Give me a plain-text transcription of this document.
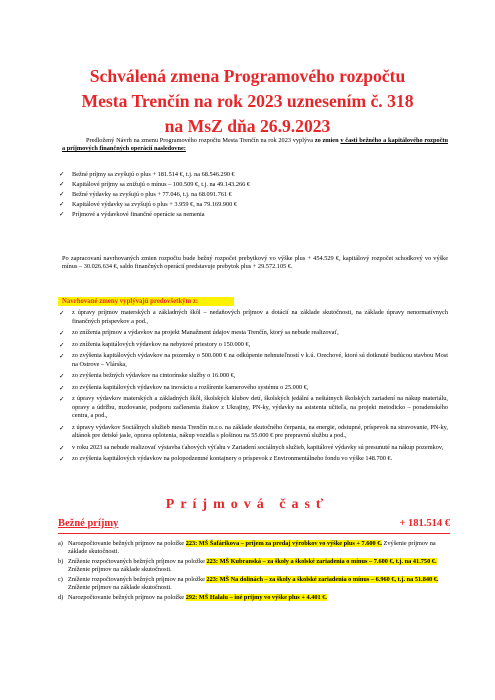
Schválená zmena Programového rozpočtu
Mesta Trenčín na rok 2023 uznesením č. 318
na MsZ dňa 26.9.2023
Predložený Návrh na zmenu Programového rozpočtu Mesta Trenčín na rok 2023 vyplýva zo zmien v časti bežného a kapitálového rozpočtu a príjmových finančných operácií nasledovne:
✓ Bežné príjmy sa zvyšujú o plus + 181.514 €, t.j. na 68.546.290 €
✓ Kapitálové príjmy sa znižujú o mínus – 100.509 €, t.j. na 49.143.266 €
✓ Bežné výdavky sa zvyšujú o plus + 77.046, t.j. na 68.091.761 €
✓ Kapitálové výdavky sa zvyšujú o plus + 3.959 €, na 79.169.900 €
✓ Príjmové a výdavkové finančné operácie sa nemenia
Po zapracovaní navrhovaných zmien rozpočtu bude bežný rozpočet prebytkový vo výške plus + 454.529 €, kapitálový rozpočet schodkový vo výške mínus – 30.026.634 €, saldo finančných operácií predstavuje prebytok plus + 29.572.105 €.
Navrhované zmeny vyplývajú predovšetkým z:
✓ z úpravy príjmov materských a základných škôl – nedaňových príjmov a dotácií na základe skutočnosti, na základe úpravy nenormatívnych finančných príspevkov a pod.,
✓ zo zníženia príjmov a výdavkov na projekt Manažment údajov mesta Trenčín, ktorý sa nebude realizovať,
✓ zo zníženia kapitálových výdavkov na nebytové priestory o 150.000 €,
✓ zo zvýšenia kapitálových výdavkov na pozemky o 500.000 € na odkúpenie nehnuteľností v k.ú. Orechové, ktoré sú dotknuté budúcou stavbou Most na Ostrove – Vlárska,
✓ zo zvýšenia bežných výdavkov na cintorínske služby o 16.000 €,
✓ zo zvýšenia kapitálových výdavkov na inováciu a rozšírenie kamerového systému o 25.000 €,
✓ z úpravy výdavkov materských a základných škôl, školských klubov detí, školských jedální a neštátnych školských zariadení na nákup materiálu, opravy a údržbu, mzdovanie, podporu začlenenia žiakov z Ukrajiny, PN-ky, výdavky na asistenta učiteľa, na projekt metodicko – poradenského centra, a pod.,
✓ z úpravy výdavkov Sociálnych služieb mesta Trenčín m.r.o. na základe skutočného čerpania, na energie, odstupné, príspevok na stravovanie, PN-ky, altánok pre detské jasle, oprava oplotenia, nákup vozidla s plošinou na 55.000 € pre prepravnú službu a pod.,
✓ v roku 2023 sa nebude realizovať výstavba ťahových výťahu v Zariadení sociálnych služieb, kapitálové výdavky sú presunuté na nákup pozemkov,
✓ zo zvýšenia kapitálových výdavkov na polopodzemné kontajnery o príspevok z Environmentálneho fondu vo výške 148.700 €.
Príjmová časť
Bežné príjmy	+ 181.514 €
a) Narozpočtovanie bežných príjmov na položke 223: MŠ Šafárikova – príjem za predaj výrobkov vo výške plus + 7.600 €. Zvýšenie príjmov na základe skutočnosti.
b) Zníženie rozpočtovaných bežných príjmov na položke 223: MŠ Kubranská – za školy a školské zariadenia o mínus – 7.600 €, t.j. na 41.750 €. Zníženie príjmov na základe skutočnosti.
c) Zníženie rozpočtovaných bežných príjmov na položke 223: MŠ Na dolinách – za školy a školské zariadenia o mínus – 6.960 €, t.j. na 51.840 €. Zníženie príjmov na základe skutočnosti.
d) Narozpočtovanie bežných príjmov na položke 292: MŠ Halalu – iné príjmy vo výške plus + 4.401 €.
